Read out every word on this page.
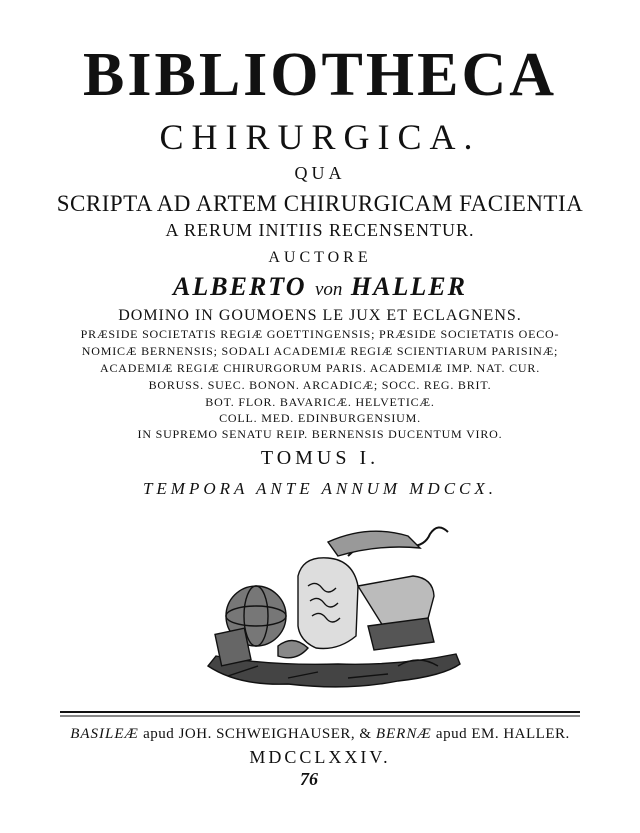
BIBLIOTHECA
CHIRURGICA.
QUA
SCRIPTA AD ARTEM CHIRURGICAM FACIENTIA
A RERUM INITIIS RECENSENTUR.
AUCTORE
ALBERTO von HALLER
DOMINO IN GOUMOENS LE JUX ET ECLAGNENS.
PRÆSIDE SOCIETATIS REGIÆ GOETTINGENSIS; PRÆSIDE SOCIETATIS OECO-
NOMICÆ BERNENSIS; SODALI ACADEMIÆ REGIÆ SCIENTIARUM PARISINÆ;
ACADEMIÆ REGIÆ CHIRURGORUM PARIS. ACADEMIÆ IMP. NAT. CUR.
BORUSS. SUEC. BONON. ARCADICÆ; SOCC. REG. BRIT.
BOT. FLOR. BAVARICÆ. HELVETICÆ.
COLL. MED. EDINBURGENSIUM.
IN SUPREMO SENATU REIP. BERNENSIS DUCENTUM VIRO.
TOMUS I.
TEMPORA ANTE ANNUM MDCCX.
BASILEÆ apud JOH. SCHWEIGHAUSER, & BERNÆ apud EM. HALLER.
MDCCLXXIV.
76
